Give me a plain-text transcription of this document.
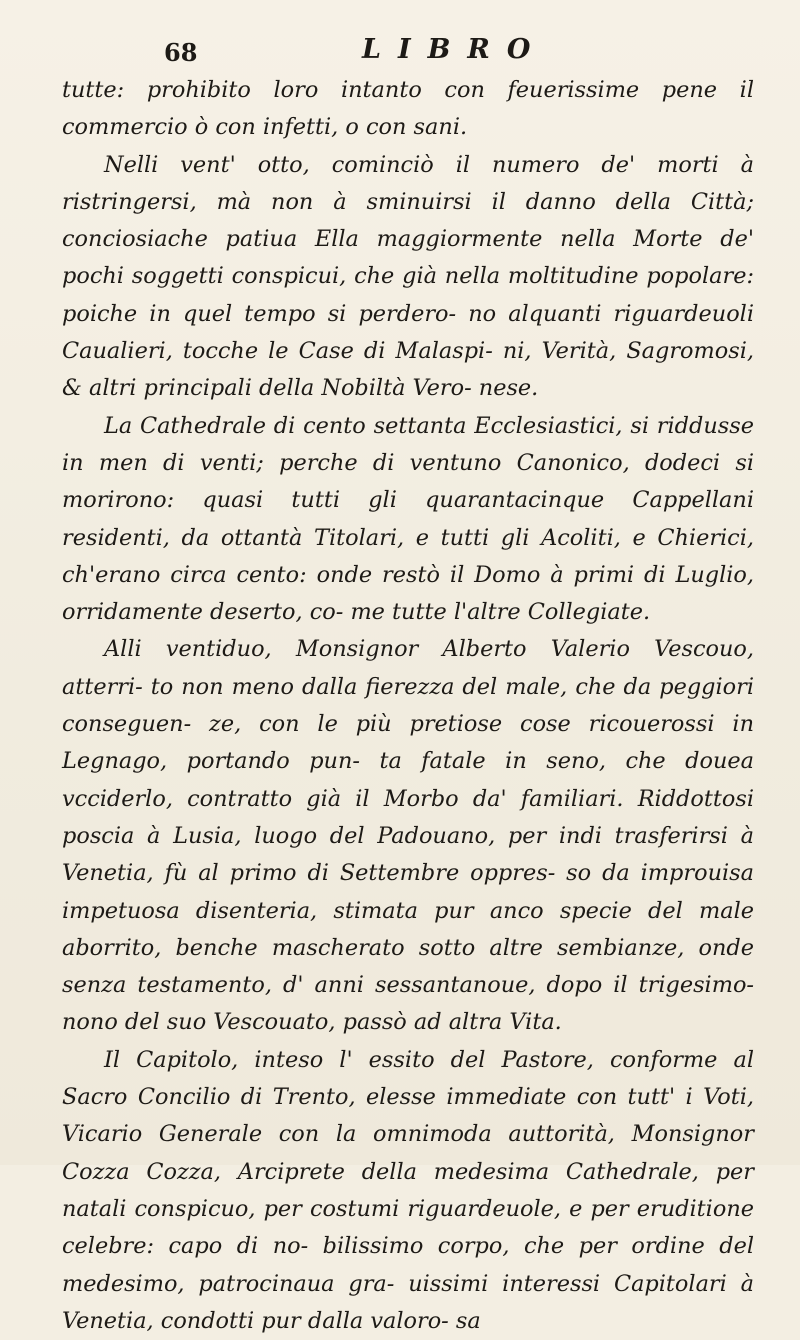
68	LIBRO

tutte: prohibito loro intanto con feuerissime pene il commercio ò con infetti, o con sani.

Nelli vent' otto, cominciò il numero de' morti à ristringersi, mà non à sminuirsi il danno della Città; conciosiache patiua Ella maggiormente nella Morte de' pochi soggetti conspicui, che già nella moltitudine popolare: poiche in quel tempo si perdero- no alquanti riguardeuoli Caualieri, tocche le Case di Malaspi- ni, Verità, Sagromosi, & altri principali della Nobiltà Vero- nese.

La Cathedrale di cento settanta Ecclesiastici, si riddusse in men di venti; perche di ventuno Canonico, dodeci si morirono: quasi tutti gli quarantacinque Cappellani residenti, da ottantà Titolari, e tutti gli Acoliti, e Chierici, ch'erano circa cento: onde restò il Domo à primi di Luglio, orridamente deserto, co- me tutte l'altre Collegiate.

Alli ventiduo, Monsignor Alberto Valerio Vescouo, atterri- to non meno dalla fierezza del male, che da peggiori conseguen- ze, con le più pretiose cose ricouerossi in Legnago, portando pun- ta fatale in seno, che douea vcciderlo, contratto già il Morbo da' familiari. Riddottosi poscia à Lusia, luogo del Padouano, per indi trasferirsi à Venetia, fù al primo di Settembre oppres- so da improuisa impetuosa disenteria, stimata pur anco specie del male aborrito, benche mascherato sotto altre sembianze, onde senza testamento, d' anni sessantanoue, dopo il trigesimo- nono del suo Vescouato, passò ad altra Vita.

Il Capitolo, inteso l' essito del Pastore, conforme al Sacro Concilio di Trento, elesse immediate con tutt' i Voti, Vicario Generale con la omnimoda auttorità, Monsignor Cozza Cozza, Arciprete della medesima Cathedrale, per natali conspicuo, per costumi riguardeuole, e per eruditione celebre: capo di no- bilissimo corpo, che per ordine del medesimo, patrocinaua gra- uissimi interessi Capitolari à Venetia, condotti pur dalla valoro- sa
